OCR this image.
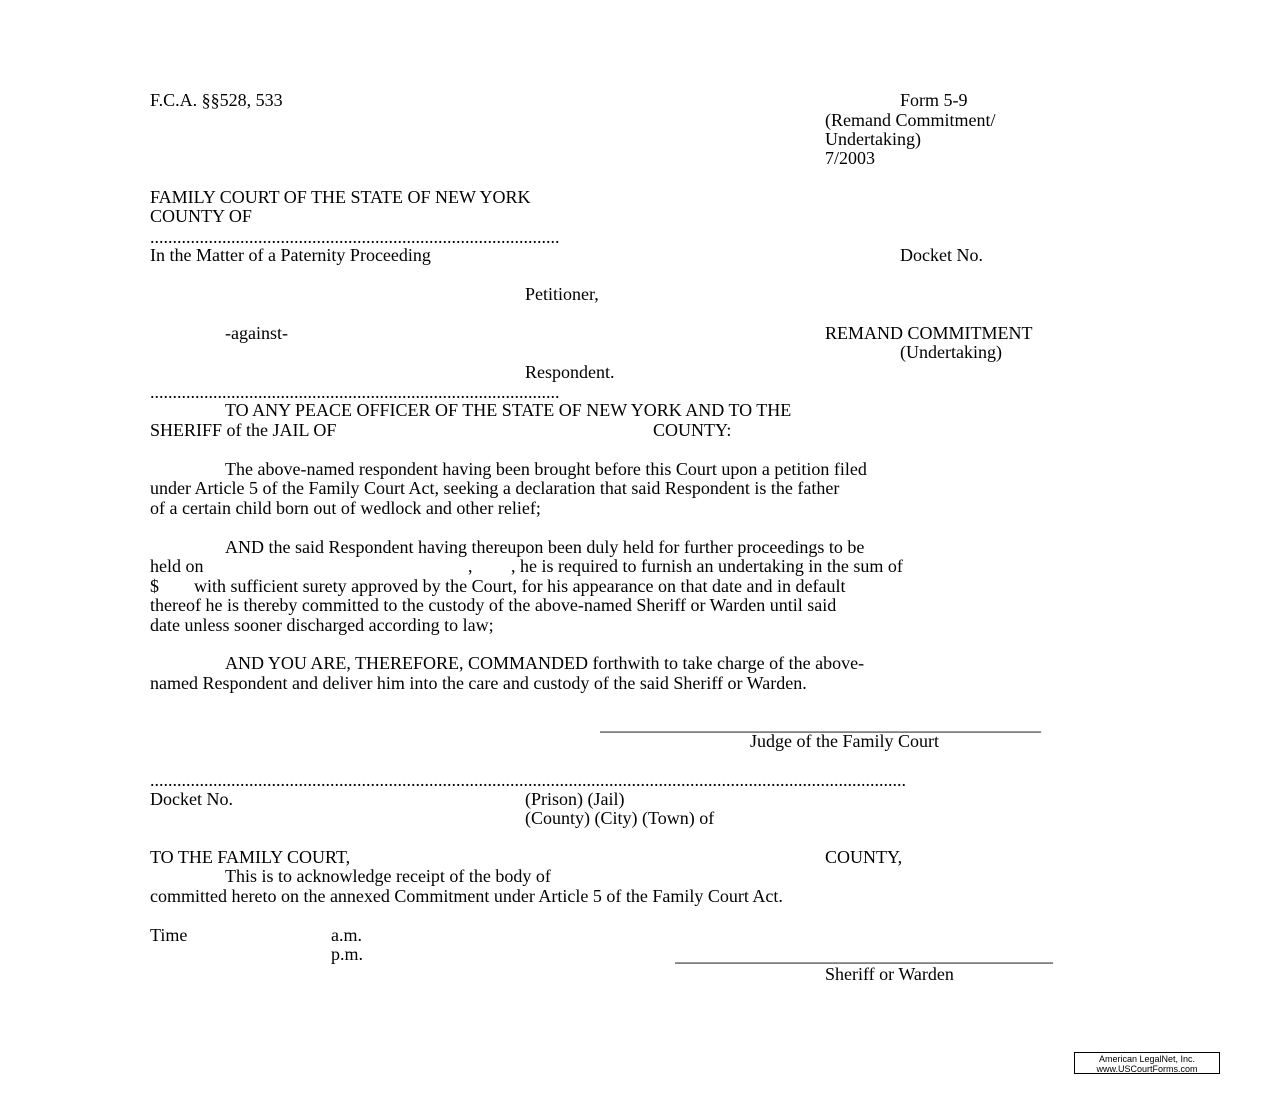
F.C.A. §§528, 533	Form 5-9
(Remand Commitment/
Undertaking)
7/2003
FAMILY COURT OF THE STATE OF NEW YORK
COUNTY OF
...........................................................................................
In the Matter of a Paternity Proceeding	Docket No.
Petitioner,
-against-	REMAND COMMITMENT
(Undertaking)
Respondent.
...........................................................................................
TO ANY PEACE OFFICER OF THE STATE OF NEW YORK AND TO THE
SHERIFF of the JAIL OF	COUNTY:
The above-named respondent having been brought before this Court upon a petition filed
under Article 5 of the Family Court Act, seeking a declaration that said Respondent is the father
of a certain child born out of wedlock and other relief;
AND the said Respondent having thereupon been duly held for further proceedings to be
held on	, , he is required to furnish an undertaking in the sum of
$ with sufficient surety approved by the Court, for his appearance on that date and in default
thereof he is thereby committed to the custody of the above-named Sheriff or Warden until said
date unless sooner discharged according to law;
AND YOU ARE, THEREFORE, COMMANDED forthwith to take charge of the above-
named Respondent and deliver him into the care and custody of the said Sheriff or Warden.
_________________________________________________
Judge of the Family Court
........................................................................................................................................................................
Docket No.	(Prison) (Jail)
(County) (City) (Town) of
TO THE FAMILY COURT,	COUNTY,
This is to acknowledge receipt of the body of
committed hereto on the annexed Commitment under Article 5 of the Family Court Act.
Time	a.m.
p.m.	__________________________________________
Sheriff or Warden
American LegalNet, Inc.
www.USCourtForms.com
